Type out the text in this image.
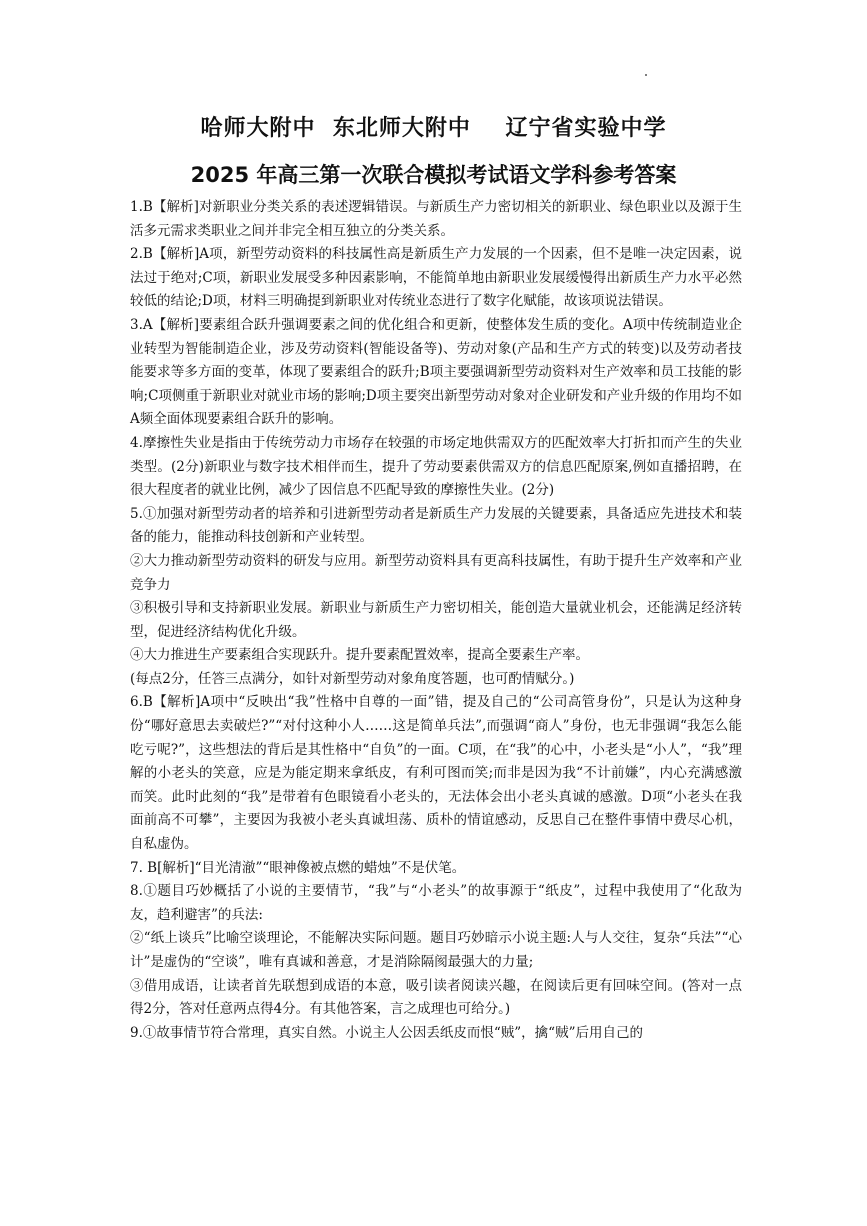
哈师大附中  东北师大附中    辽宁省实验中学
2025 年高三第一次联合模拟考试语文学科参考答案

1.B【解析]对新职业分类关系的表述逻辑错误。与新质生产力密切相关的新职业、绿色职业以及源于生活多元需求类职业之间并非完全相互独立的分类关系。

2.B【解析]A项，新型劳动资料的科技属性高是新质生产力发展的一个因素，但不是唯一决定因素，说法过于绝对;C项，新职业发展受多种因素影响，不能简单地由新职业发展缓慢得出新质生产力水平必然较低的结论;D项，材料三明确提到新职业对传统业态进行了数字化赋能，故该项说法错误。

3.A【解析]要素组合跃升强调要素之间的优化组合和更新，使整体发生质的变化。A项中传统制造业企业转型为智能制造企业，涉及劳动资料(智能设备等)、劳动对象(产品和生产方式的转变)以及劳动者技能要求等多方面的变革，体现了要素组合的跃升;B项主要强调新型劳动资料对生产效率和员工技能的影响;C项侧重于新职业对就业市场的影响;D项主要突出新型劳动对象对企业研发和产业升级的作用均不如A频全面体现要素组合跃升的影响。

4.摩擦性失业是指由于传统劳动力市场存在较强的市场定地供需双方的匹配效率大打折扣而产生的失业类型。(2分)新职业与数字技术相伴而生，提升了劳动要素供需双方的信息匹配原案,例如直播招聘，在很大程度者的就业比例，减少了因信息不匹配导致的摩擦性失业。(2分)

5.①加强对新型劳动者的培养和引进新型劳动者是新质生产力发展的关键要素，具备适应先进技术和装备的能力，能推动科技创新和产业转型。

②大力推动新型劳动资料的研发与应用。新型劳动资料具有更高科技属性，有助于提升生产效率和产业竞争力

③积极引导和支持新职业发展。新职业与新质生产力密切相关，能创造大量就业机会，还能满足经济转型，促进经济结构优化升级。

④大力推进生产要素组合实现跃升。提升要素配置效率，提高全要素生产率。

(每点2分，任答三点满分，如针对新型劳动对象角度答题，也可酌情赋分。)

6.B【解析]A项中“反映出“我”性格中自尊的一面”错，提及自己的“公司高管身份”，只是认为这种身份“哪好意思去卖破烂?”“对付这种小人……这是简单兵法”,而强调“商人”身份，也无非强调“我怎么能吃亏呢?”，这些想法的背后是其性格中“自负”的一面。C项，在“我”的心中，小老头是“小人”，“我”理解的小老头的笑意，应是为能定期来拿纸皮，有利可图而笑;而非是因为我“不计前嫌”，内心充满感激而笑。此时此刻的“我”是带着有色眼镜看小老头的，无法体会出小老头真诚的感激。D项“小老头在我面前高不可攀”，主要因为我被小老头真诚坦荡、质朴的情谊感动，反思自己在整件事情中费尽心机，自私虚伪。

7. B[解析]“目光清澈”“眼神像被点燃的蜡烛”不是伏笔。

8.①题目巧妙概括了小说的主要情节，“我”与“小老头”的故事源于“纸皮”，过程中我使用了“化敌为友，趋利避害”的兵法:

②“纸上谈兵”比喻空谈理论，不能解决实际问题。题目巧妙暗示小说主题:人与人交往，复杂“兵法”“心计”是虚伪的“空谈”，唯有真诚和善意，才是消除隔阂最强大的力量;

③借用成语，让读者首先联想到成语的本意，吸引读者阅读兴趣，在阅读后更有回味空间。(答对一点得2分，答对任意两点得4分。有其他答案，言之成理也可给分。)

9.①故事情节符合常理，真实自然。小说主人公因丢纸皮而恨“贼”，擒“贼”后用自己的
